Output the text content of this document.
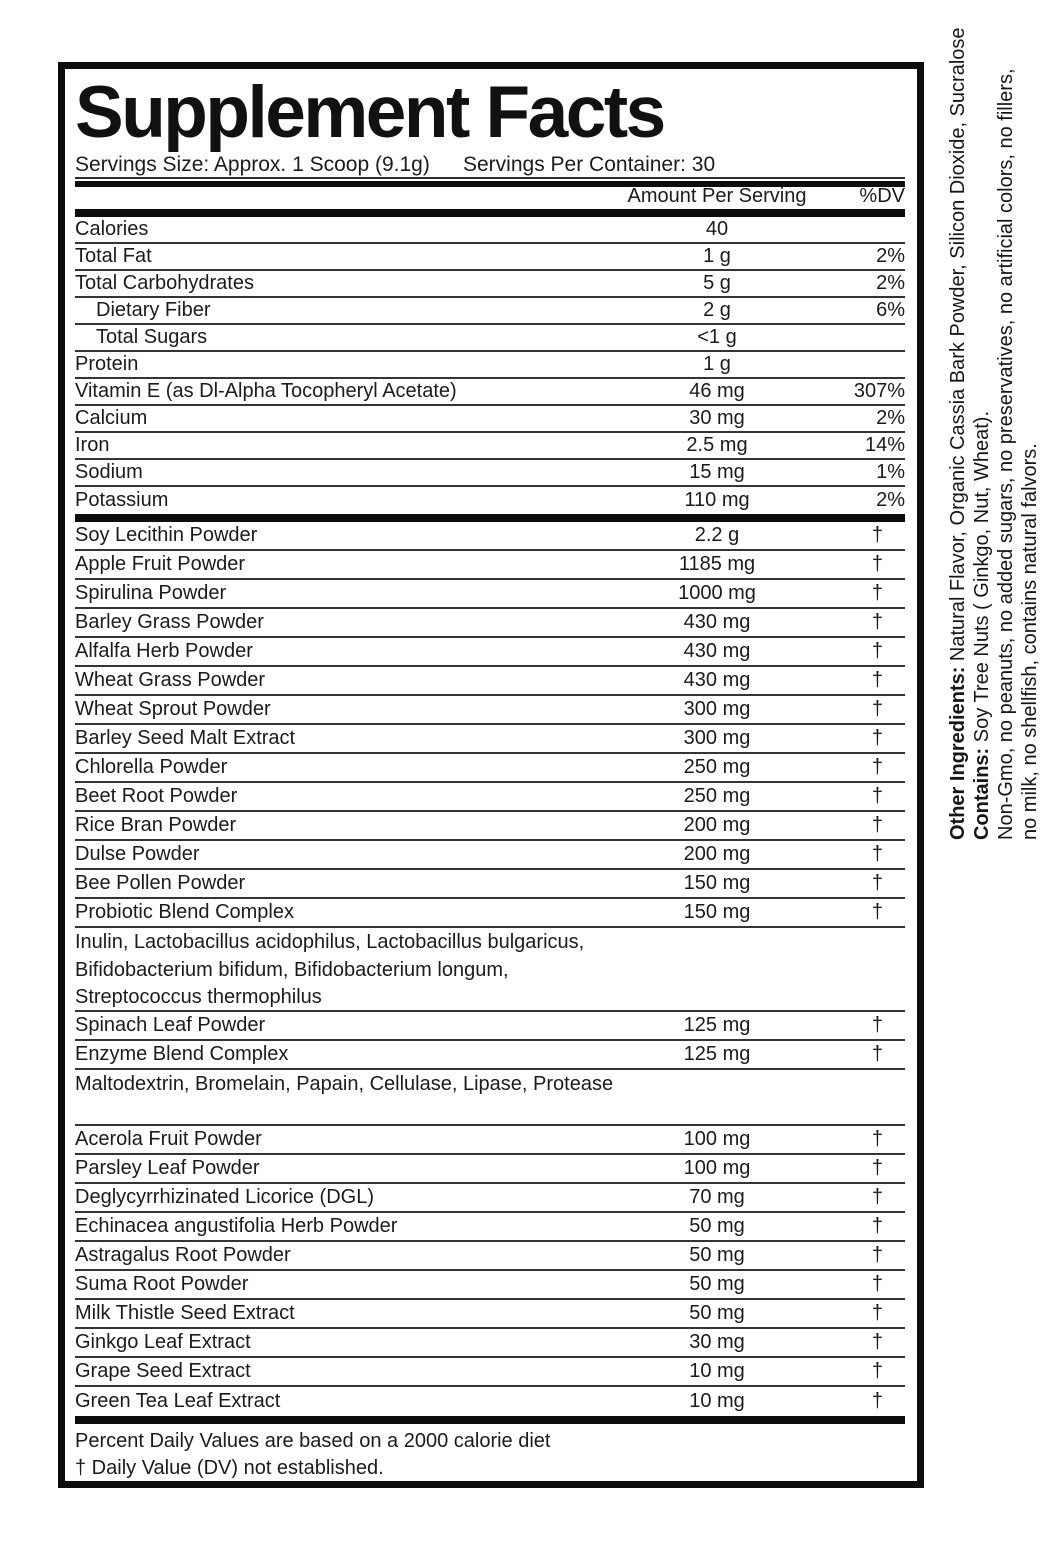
Supplement Facts
Servings Size: Approx. 1 Scoop (9.1g)	Servings Per Container: 30
Amount Per Serving	%DV
Calories	40
Total Fat	1 g	2%
Total Carbohydrates	5 g	2%
Dietary Fiber	2 g	6%
Total Sugars	<1 g
Protein	1 g
Vitamin E (as Dl-Alpha Tocopheryl Acetate)	46 mg	307%
Calcium	30 mg	2%
Iron	2.5 mg	14%
Sodium	15 mg	1%
Potassium	110 mg	2%
Soy Lecithin Powder	2.2 g	†
Apple Fruit Powder	1185 mg	†
Spirulina Powder	1000 mg	†
Barley Grass Powder	430 mg	†
Alfalfa Herb Powder	430 mg	†
Wheat Grass Powder	430 mg	†
Wheat Sprout Powder	300 mg	†
Barley Seed Malt Extract	300 mg	†
Chlorella Powder	250 mg	†
Beet Root Powder	250 mg	†
Rice Bran Powder	200 mg	†
Dulse Powder	200 mg	†
Bee Pollen Powder	150 mg	†
Probiotic Blend Complex	150 mg	†
Inulin, Lactobacillus acidophilus, Lactobacillus bulgaricus,
Bifidobacterium bifidum, Bifidobacterium longum,
Streptococcus thermophilus
Spinach Leaf Powder	125 mg	†
Enzyme Blend Complex	125 mg	†
Maltodextrin, Bromelain, Papain, Cellulase, Lipase, Protease
Acerola Fruit Powder	100 mg	†
Parsley Leaf Powder	100 mg	†
Deglycyrrhizinated Licorice (DGL)	70 mg	†
Echinacea angustifolia Herb Powder	50 mg	†
Astragalus Root Powder	50 mg	†
Suma Root Powder	50 mg	†
Milk Thistle Seed Extract	50 mg	†
Ginkgo Leaf Extract	30 mg	†
Grape Seed Extract	10 mg	†
Green Tea Leaf Extract	10 mg	†
Percent Daily Values are based on a 2000 calorie diet
† Daily Value (DV) not established.
Other Ingredients: Natural Flavor, Organic Cassia Bark Powder, Silicon Dioxide, Sucralose
Contains: Soy Tree Nuts ( Ginkgo, Nut, Wheat). Non-Gmo, no peanuts, no added sugars, no preservatives, no artificial colors, no fillers, no milk, no shellfish, contains natural falvors.
